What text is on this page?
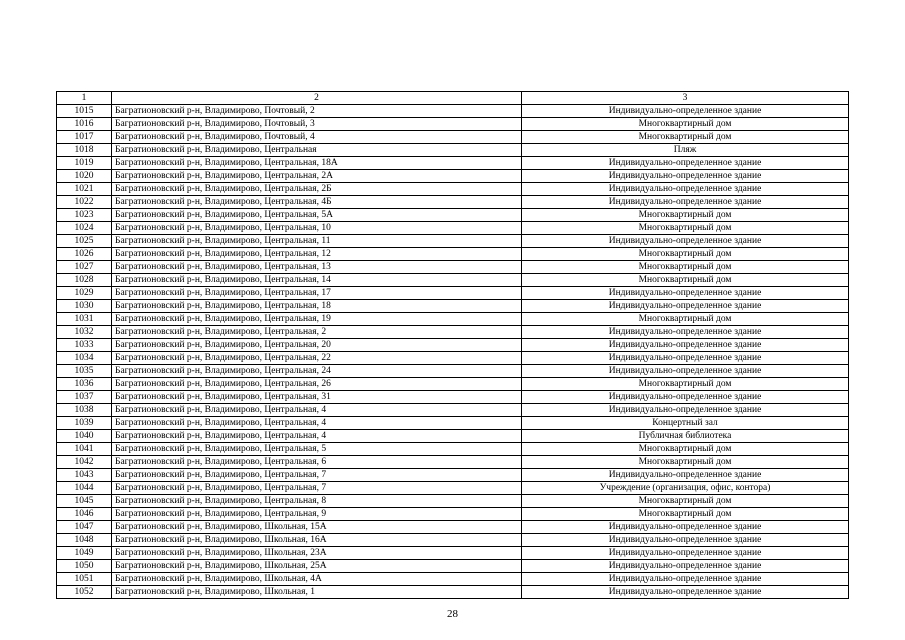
1	2	3
1015	Багратионовский р-н, Владимирово, Почтовый, 2	Индивидуально-определенное здание
1016	Багратионовский р-н, Владимирово, Почтовый, 3	Многоквартирный дом
1017	Багратионовский р-н, Владимирово, Почтовый, 4	Многоквартирный дом
1018	Багратионовский р-н, Владимирово, Центральная	Пляж
1019	Багратионовский р-н, Владимирово, Центральная, 18А	Индивидуально-определенное здание
1020	Багратионовский р-н, Владимирово, Центральная, 2А	Индивидуально-определенное здание
1021	Багратионовский р-н, Владимирово, Центральная, 2Б	Индивидуально-определенное здание
1022	Багратионовский р-н, Владимирово, Центральная, 4Б	Индивидуально-определенное здание
1023	Багратионовский р-н, Владимирово, Центральная, 5А	Многоквартирный дом
1024	Багратионовский р-н, Владимирово, Центральная, 10	Многоквартирный дом
1025	Багратионовский р-н, Владимирово, Центральная, 11	Индивидуально-определенное здание
1026	Багратионовский р-н, Владимирово, Центральная, 12	Многоквартирный дом
1027	Багратионовский р-н, Владимирово, Центральная, 13	Многоквартирный дом
1028	Багратионовский р-н, Владимирово, Центральная, 14	Многоквартирный дом
1029	Багратионовский р-н, Владимирово, Центральная, 17	Индивидуально-определенное здание
1030	Багратионовский р-н, Владимирово, Центральная, 18	Индивидуально-определенное здание
1031	Багратионовский р-н, Владимирово, Центральная, 19	Многоквартирный дом
1032	Багратионовский р-н, Владимирово, Центральная, 2	Индивидуально-определенное здание
1033	Багратионовский р-н, Владимирово, Центральная, 20	Индивидуально-определенное здание
1034	Багратионовский р-н, Владимирово, Центральная, 22	Индивидуально-определенное здание
1035	Багратионовский р-н, Владимирово, Центральная, 24	Индивидуально-определенное здание
1036	Багратионовский р-н, Владимирово, Центральная, 26	Многоквартирный дом
1037	Багратионовский р-н, Владимирово, Центральная, 31	Индивидуально-определенное здание
1038	Багратионовский р-н, Владимирово, Центральная, 4	Индивидуально-определенное здание
1039	Багратионовский р-н, Владимирово, Центральная, 4	Концертный зал
1040	Багратионовский р-н, Владимирово, Центральная, 4	Публичная библиотека
1041	Багратионовский р-н, Владимирово, Центральная, 5	Многоквартирный дом
1042	Багратионовский р-н, Владимирово, Центральная, 6	Многоквартирный дом
1043	Багратионовский р-н, Владимирово, Центральная, 7	Индивидуально-определенное здание
1044	Багратионовский р-н, Владимирово, Центральная, 7	Учреждение (организация, офис, контора)
1045	Багратионовский р-н, Владимирово, Центральная, 8	Многоквартирный дом
1046	Багратионовский р-н, Владимирово, Центральная, 9	Многоквартирный дом
1047	Багратионовский р-н, Владимирово, Школьная, 15А	Индивидуально-определенное здание
1048	Багратионовский р-н, Владимирово, Школьная, 16А	Индивидуально-определенное здание
1049	Багратионовский р-н, Владимирово, Школьная, 23А	Индивидуально-определенное здание
1050	Багратионовский р-н, Владимирово, Школьная, 25А	Индивидуально-определенное здание
1051	Багратионовский р-н, Владимирово, Школьная, 4А	Индивидуально-определенное здание
1052	Багратионовский р-н, Владимирово, Школьная, 1	Индивидуально-определенное здание
28
